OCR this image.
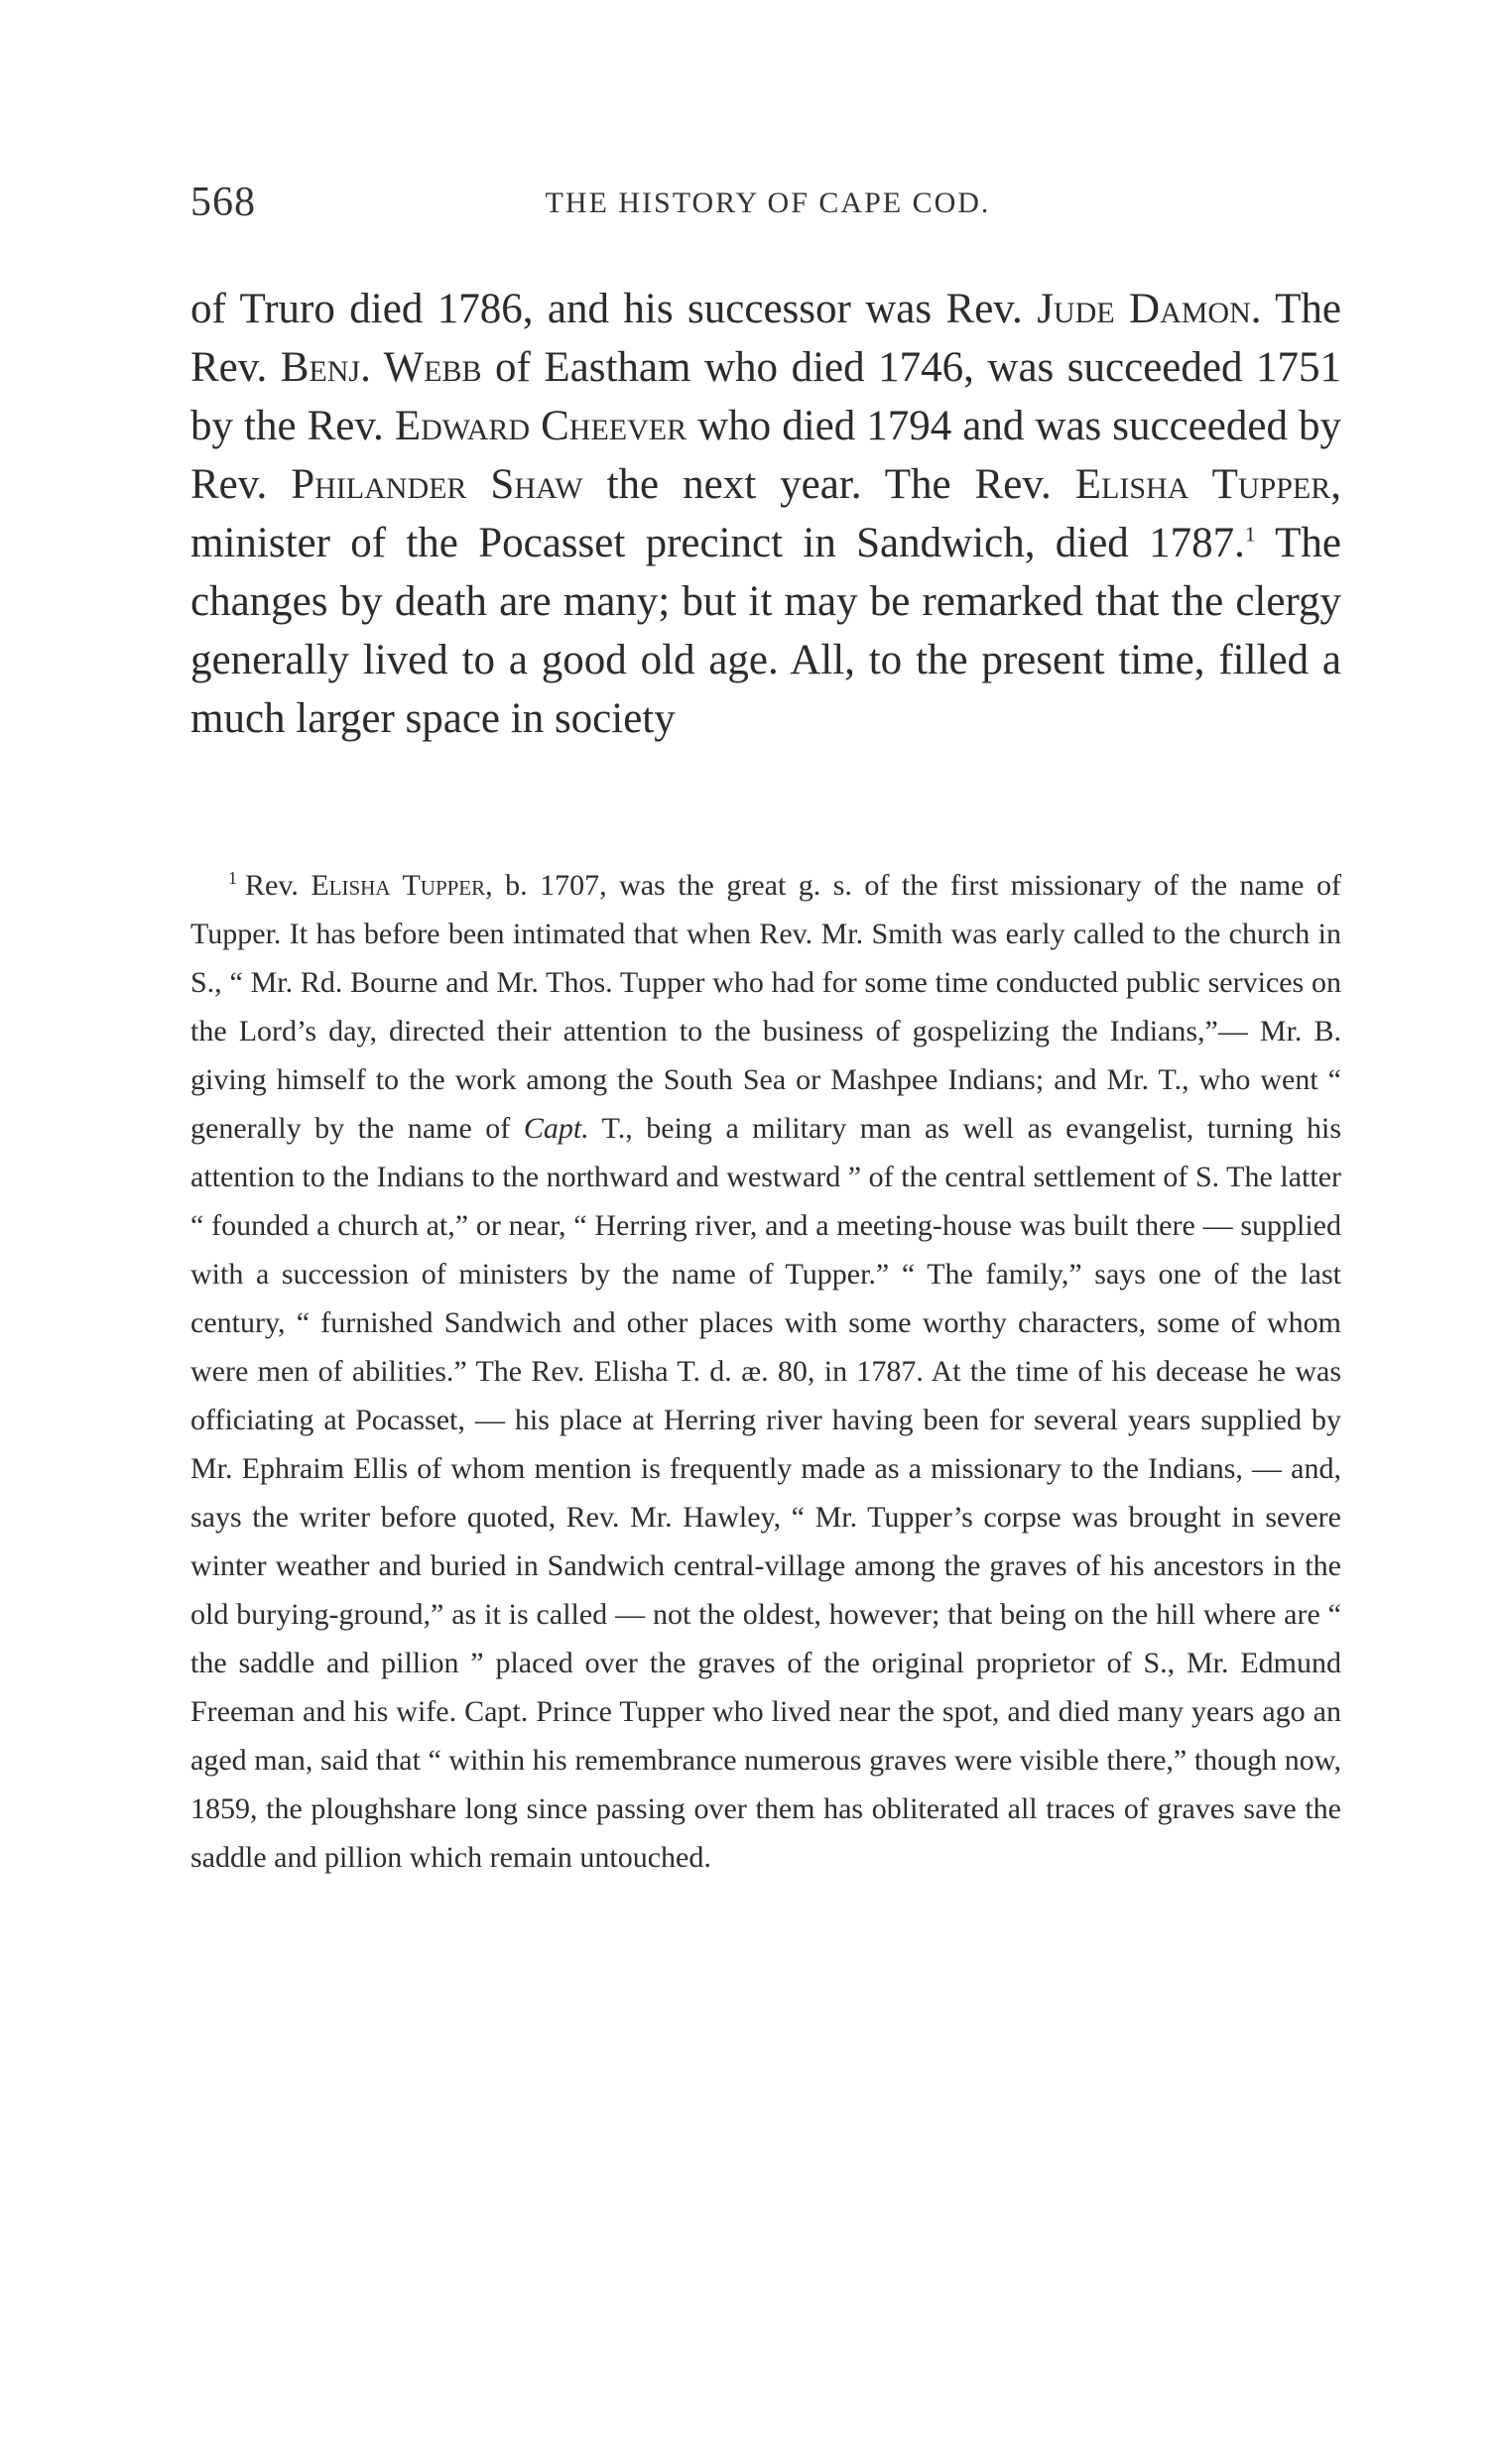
568	THE HISTORY OF CAPE COD.

of Truro died 1786, and his successor was Rev. Jude Damon. The Rev. Benj. Webb of Eastham who died 1746, was succeeded 1751 by the Rev. Edward Cheever who died 1794 and was succeeded by Rev. Philander Shaw the next year. The Rev. Elisha Tupper, minister of the Pocasset precinct in Sandwich, died 1787.$^1$ The changes by death are many; but it may be remarked that the clergy generally lived to a good old age. All, to the present time, filled a much larger space in society

$^1$ Rev. Elisha Tupper, b. 1707, was the great g. s. of the first missionary of the name of Tupper. It has before been intimated that when Rev. Mr. Smith was early called to the church in S., “ Mr. Rd. Bourne and Mr. Thos. Tupper who had for some time conducted public services on the Lord’s day, directed their attention to the business of gospelizing the Indians,”— Mr. B. giving himself to the work among the South Sea or Mashpee Indians; and Mr. T., who went “ generally by the name of Capt. T., being a military man as well as evangelist, turning his attention to the Indians to the northward and westward ” of the central settlement of S. The latter “ founded a church at,” or near, “ Herring river, and a meeting-house was built there — supplied with a succession of ministers by the name of Tupper.” “ The family,” says one of the last century, “ furnished Sandwich and other places with some worthy characters, some of whom were men of abilities.” The Rev. Elisha T. d. æ. 80, in 1787. At the time of his decease he was officiating at Pocasset, — his place at Herring river having been for several years supplied by Mr. Ephraim Ellis of whom mention is frequently made as a missionary to the Indians, — and, says the writer before quoted, Rev. Mr. Hawley, “ Mr. Tupper’s corpse was brought in severe winter weather and buried in Sandwich central-village among the graves of his ancestors in the old burying-ground,” as it is called — not the oldest, however; that being on the hill where are “ the saddle and pillion ” placed over the graves of the original proprietor of S., Mr. Edmund Freeman and his wife. Capt. Prince Tupper who lived near the spot, and died many years ago an aged man, said that “ within his remembrance numerous graves were visible there,” though now, 1859, the ploughshare long since passing over them has obliterated all traces of graves save the saddle and pillion which remain untouched.
